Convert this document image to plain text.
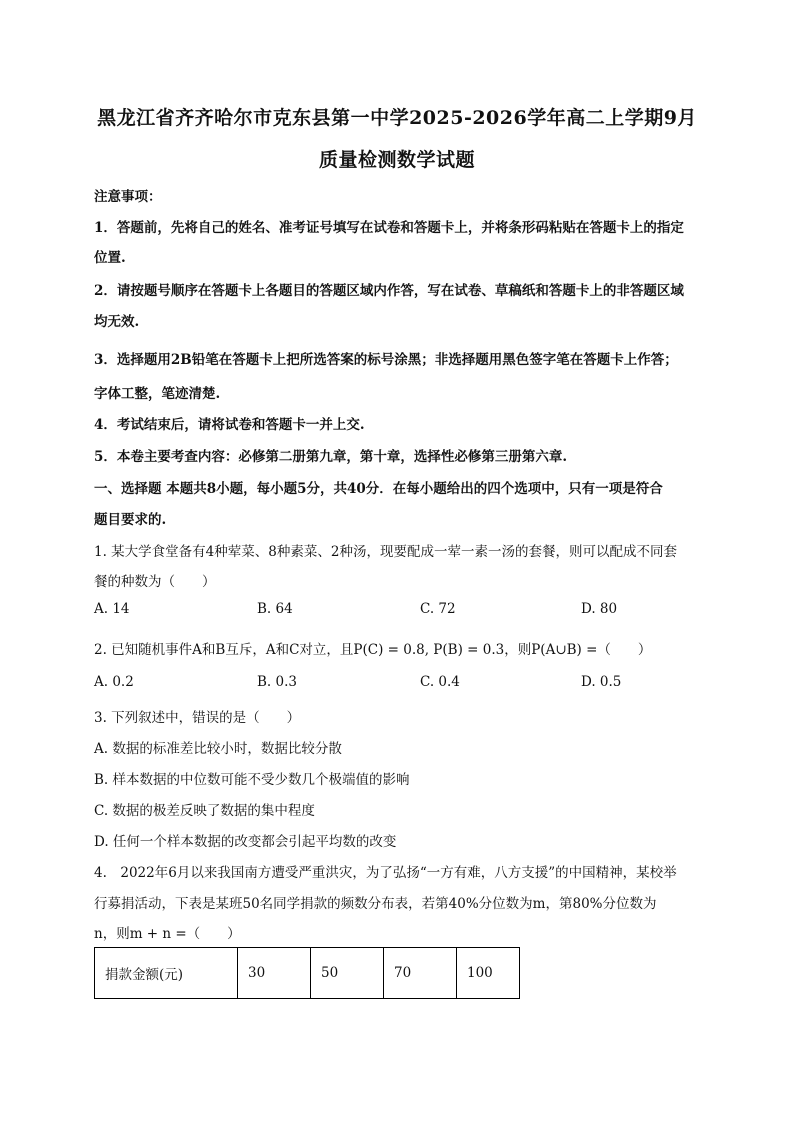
黑龙江省齐齐哈尔市克东县第一中学2025-2026学年高二上学期9月
质量检测数学试题
注意事项：
1．答题前，先将自己的姓名、准考证号填写在试卷和答题卡上，并将条形码粘贴在答题卡上的指定
位置.
2．请按题号顺序在答题卡上各题目的答题区域内作答，写在试卷、草稿纸和答题卡上的非答题区域
均无效.
3．选择题用2B铅笔在答题卡上把所选答案的标号涂黑；非选择题用黑色签字笔在答题卡上作答；
字体工整，笔迹清楚.
4．考试结束后，请将试卷和答题卡一并上交.
5．本卷主要考查内容：必修第二册第九章，第十章，选择性必修第三册第六章.
一、选择题 本题共8小题，每小题5分，共40分．在每小题给出的四个选项中，只有一项是符合
题目要求的.
1. 某大学食堂备有4种荤菜、8种素菜、2种汤，现要配成一荤一素一汤的套餐，则可以配成不同套
餐的种数为（　　）
A. 14	B. 64	C. 72	D. 80
2. 已知随机事件A和B互斥，A和C对立，且P(C) = 0.8, P(B) = 0.3，则P(A∪B) =（　　）
A. 0.2	B. 0.3	C. 0.4	D. 0.5
3. 下列叙述中，错误的是（　　）
A. 数据的标准差比较小时，数据比较分散
B. 样本数据的中位数可能不受少数几个极端值的影响
C. 数据的极差反映了数据的集中程度
D. 任何一个样本数据的改变都会引起平均数的改变
4.　2022年6月以来我国南方遭受严重洪灾，为了弘扬“一方有难，八方支援”的中国精神，某校举
行募捐活动，下表是某班50名同学捐款的频数分布表，若第40%分位数为m，第80%分位数为
n，则m + n =（　　）
捐款金额(元)	30	50	70	100
